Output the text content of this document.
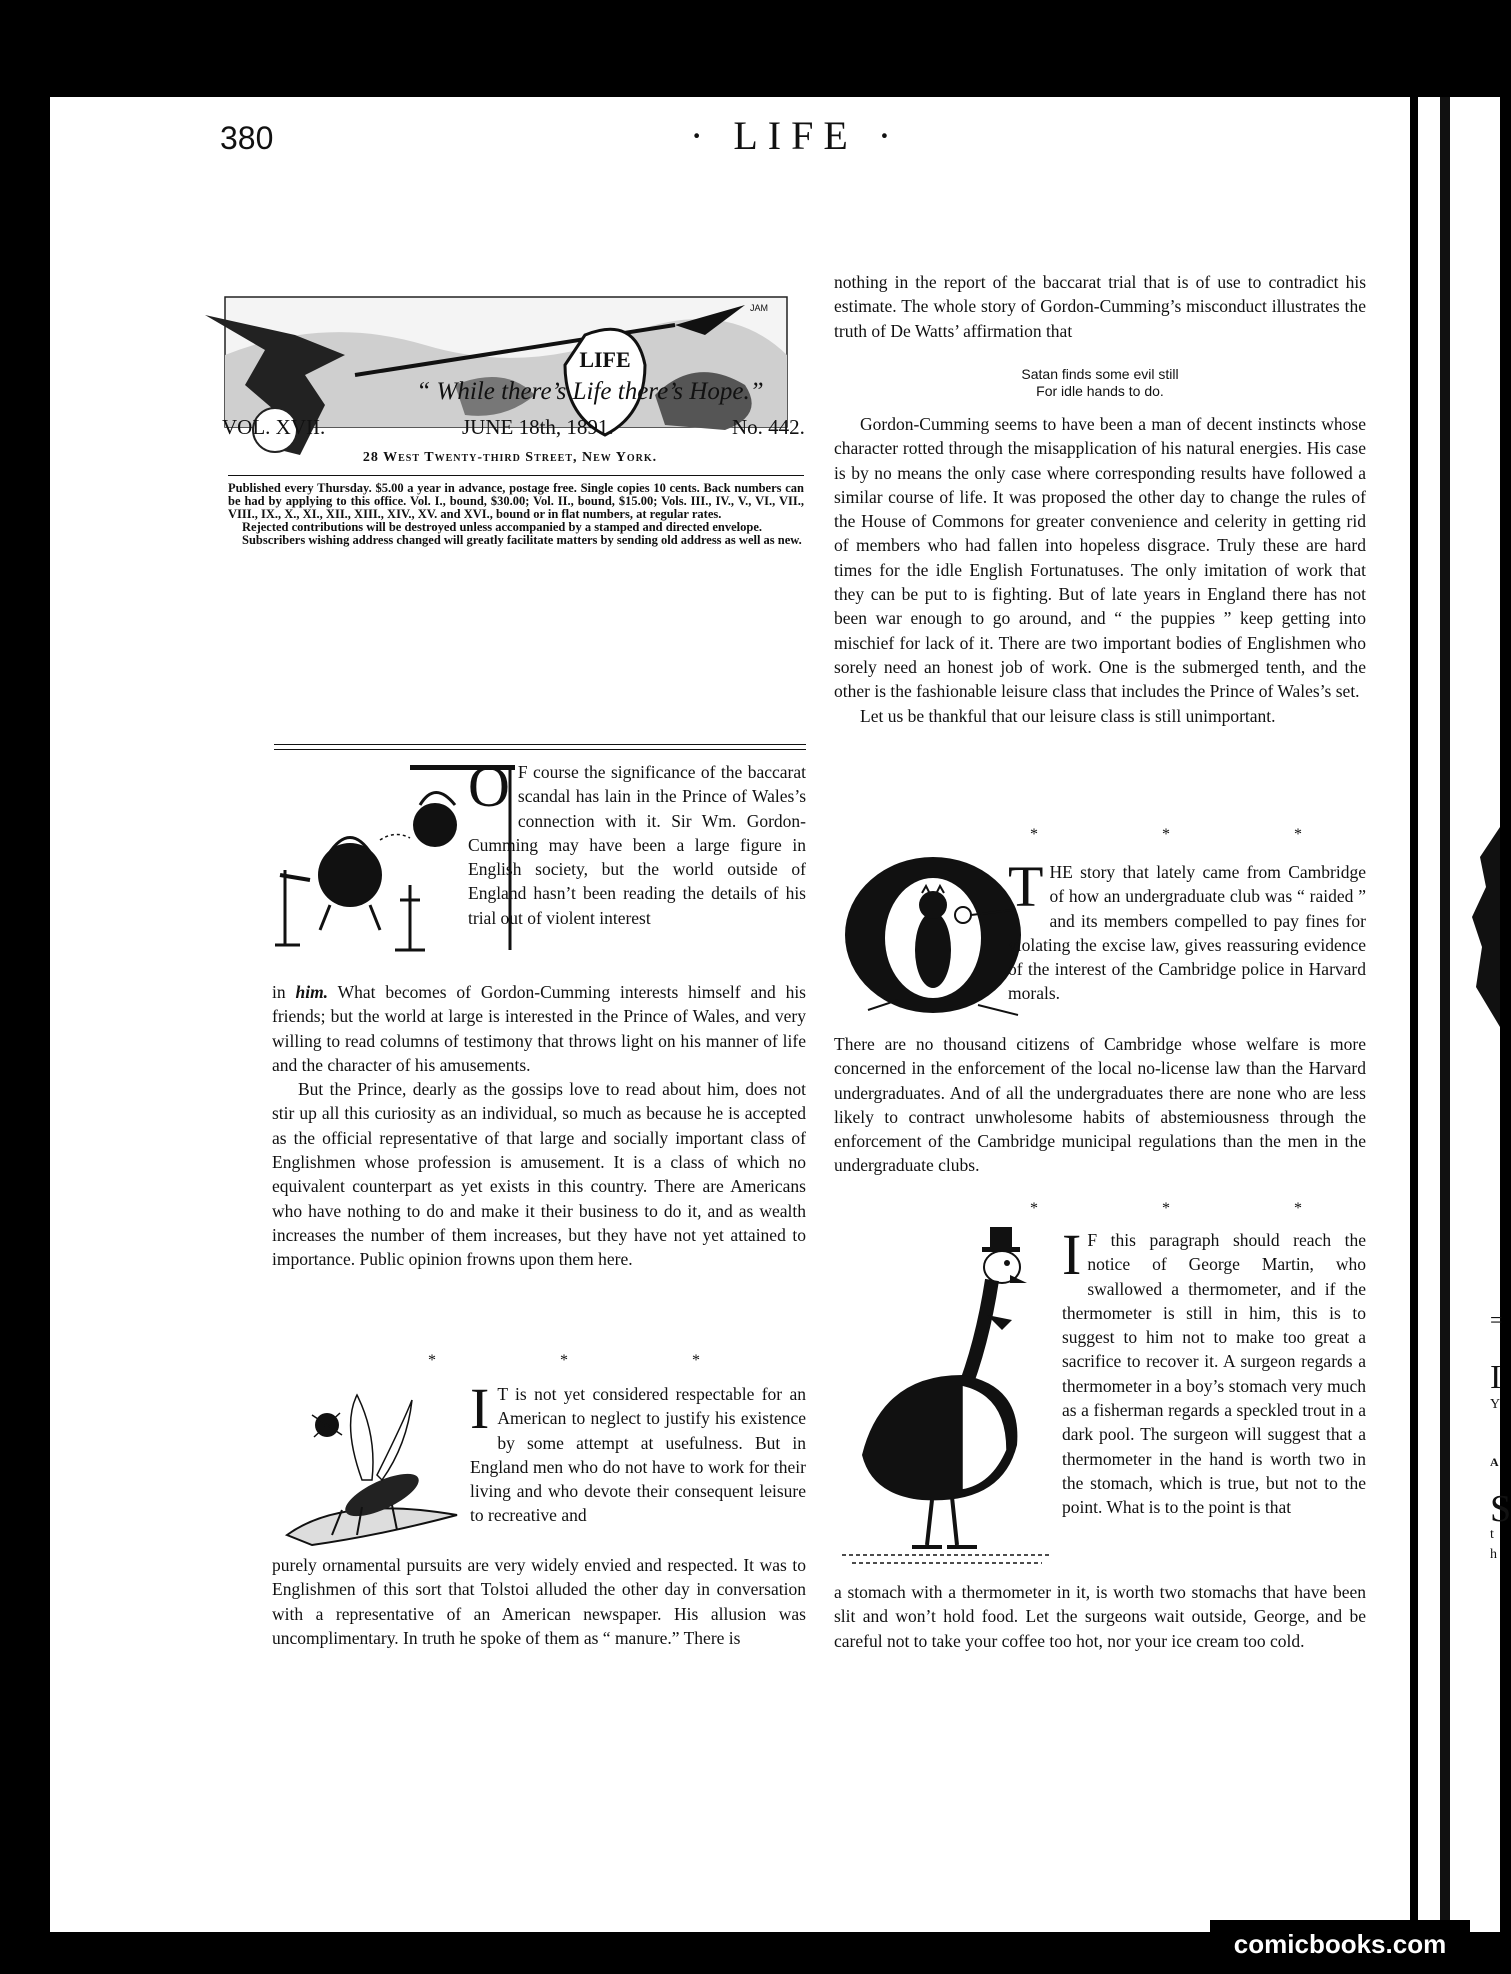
=
I
Y
A
S
t
h
380	· LIFE ·
LIFE
JAM
“ While there’s Life there’s Hope.”
VOL. XVII.	JUNE 18th, 1891.	No. 442.
28 West Twenty-third Street, New York.

Published every Thursday. $5.00 a year in advance, postage free. Single copies 10 cents. Back numbers can be had by applying to this office. Vol. I., bound, $30.00; Vol. II., bound, $15.00; Vols. III., IV., V., VI., VII., VIII., IX., X., XI., XII., XIII., XIV., XV. and XVI., bound or in flat numbers, at regular rates.

Rejected contributions will be destroyed unless accompanied by a stamped and directed envelope.

Subscribers wishing address changed will greatly facilitate matters by sending old address as well as new.

O F course the significance of the baccarat scandal has lain in the Prince of Wales’s connection with it. Sir Wm. Gordon-Cumming may have been a large figure in English society, but the world outside of England hasn’t been reading the details of his trial out of violent interest

in him. What becomes of Gordon-Cumming interests himself and his friends; but the world at large is interested in the Prince of Wales, and very willing to read columns of testimony that throws light on his manner of life and the character of his amusements.

But the Prince, dearly as the gossips love to read about him, does not stir up all this curiosity as an individual, so much as because he is accepted as the official representative of that large and socially important class of Englishmen whose profession is amusement. It is a class of which no equivalent counterpart as yet exists in this country. There are Americans who have nothing to do and make it their business to do it, and as wealth increases the number of them increases, but they have not yet attained to importance. Public opinion frowns upon them here.

* * *

I T is not yet considered respectable for an American to neglect to justify his existence by some attempt at usefulness. But in England men who do not have to work for their living and who devote their consequent leisure to recreative and

purely ornamental pursuits are very widely envied and respected. It was to Englishmen of this sort that Tolstoi alluded the other day in conversation with a representative of an American newspaper. His allusion was uncomplimentary. In truth he spoke of them as “ manure.” There is

nothing in the report of the baccarat trial that is of use to contradict his estimate. The whole story of Gordon-Cumming’s misconduct illustrates the truth of De Watts’ affirmation that

Satan finds some evil still
For idle hands to do.

Gordon-Cumming seems to have been a man of decent instincts whose character rotted through the misapplication of his natural energies. His case is by no means the only case where corresponding results have followed a similar course of life. It was proposed the other day to change the rules of the House of Commons for greater convenience and celerity in getting rid of members who had fallen into hopeless disgrace. Truly these are hard times for the idle English Fortunatuses. The only imitation of work that they can be put to is fighting. But of late years in England there has not been war enough to go around, and “ the puppies ” keep getting into mischief for lack of it. There are two important bodies of Englishmen who sorely need an honest job of work. One is the submerged tenth, and the other is the fashionable leisure class that includes the Prince of Wales’s set.

Let us be thankful that our leisure class is still unimportant.

* * *

THE story that lately came from Cambridge of how an undergraduate club was “ raided ” and its members compelled to pay fines for violating the excise law, gives reassuring evidence of the interest of the Cambridge police in Harvard morals.

There are no thousand citizens of Cambridge whose welfare is more concerned in the enforcement of the local no-license law than the Harvard undergraduates. And of all the undergraduates there are none who are less likely to contract unwholesome habits of abstemiousness through the enforcement of the Cambridge municipal regulations than the men in the undergraduate clubs.

* * *

I F this paragraph should reach the notice of George Martin, who swallowed a thermometer, and if the thermometer is still in him, this is to suggest to him not to make too great a sacrifice to recover it. A surgeon regards a thermometer in a boy’s stomach very much as a fisherman regards a speckled trout in a dark pool. The surgeon will suggest that a thermometer in the hand is worth two in the stomach, which is true, but not to the point. What is to the point is that

a stomach with a thermometer in it, is worth two stomachs that have been slit and won’t hold food. Let the surgeons wait outside, George, and be careful not to take your coffee too hot, nor your ice cream too cold.

comicbooks.com
